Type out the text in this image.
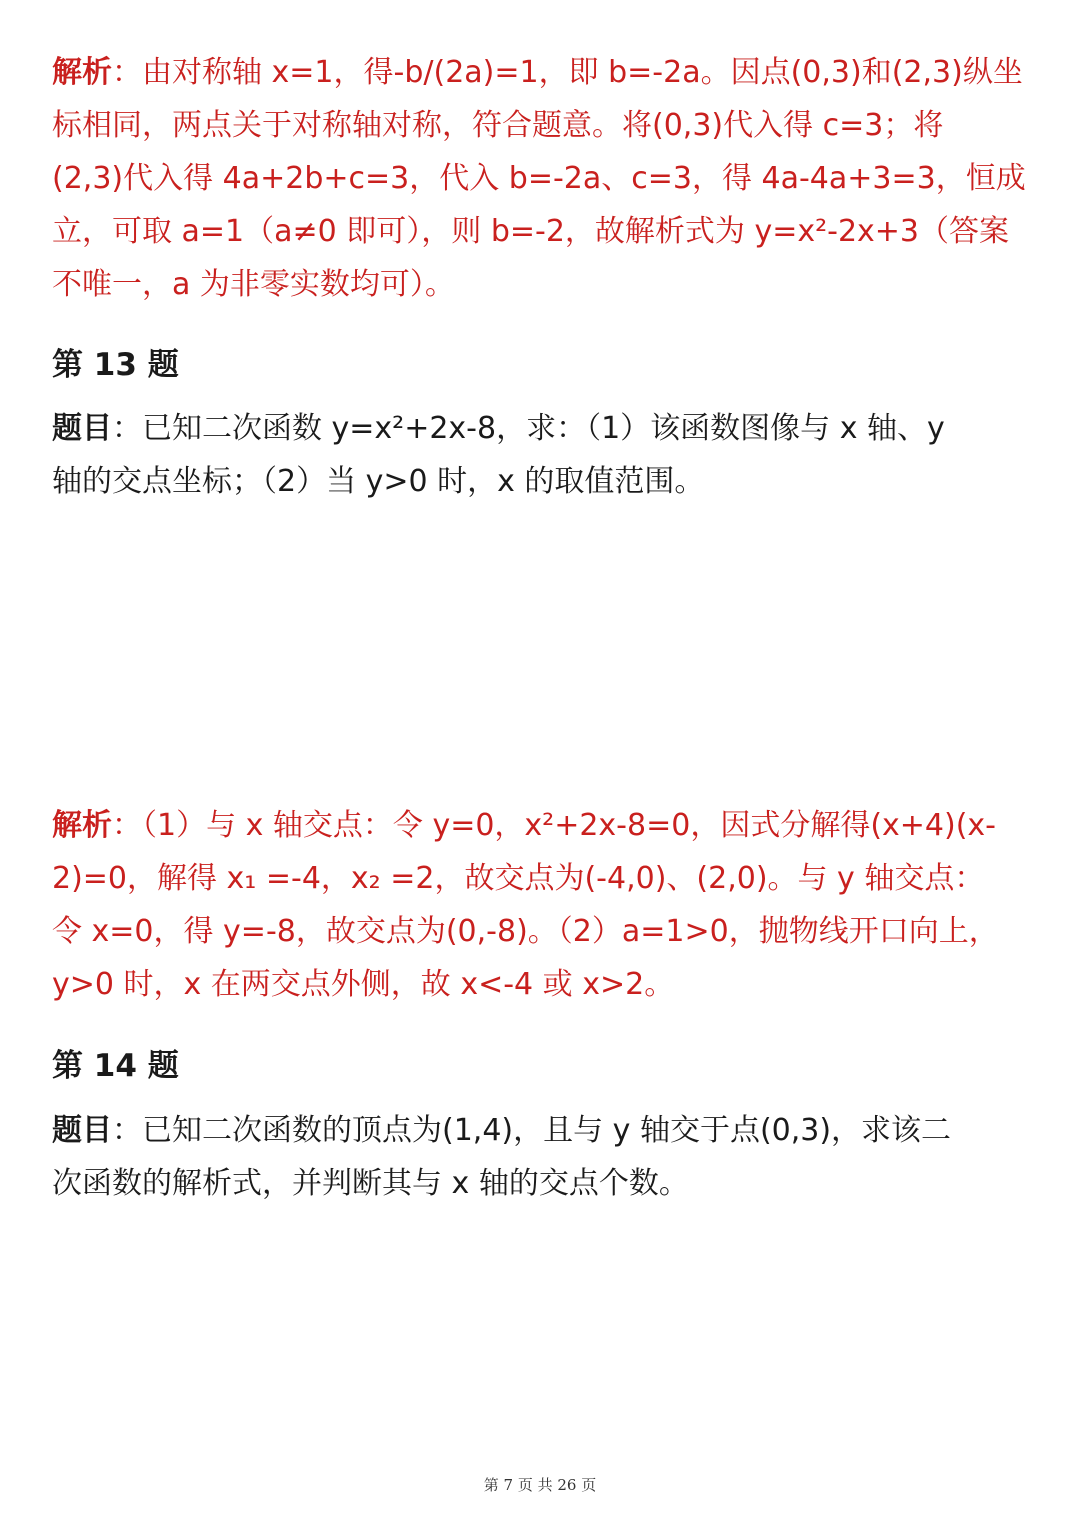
解析：由对称轴 x=1，得-b/(2a)=1，即 b=-2a。因点(0,3)和(2,3)纵坐
标相同，两点关于对称轴对称，符合题意。将(0,3)代入得 c=3；将
(2,3)代入得 4a+2b+c=3，代入 b=-2a、c=3，得 4a-4a+3=3，恒成
立，可取 a=1（a≠0 即可），则 b=-2，故解析式为 y=x²-2x+3（答案
不唯一，a 为非零实数均可）。
第 13 题
题目：已知二次函数 y=x²+2x-8，求：（1）该函数图像与 x 轴、y
轴的交点坐标；（2）当 y>0 时，x 的取值范围。
解析：（1）与 x 轴交点：令 y=0，x²+2x-8=0，因式分解得(x+4)(x-
2)=0，解得 x₁ =-4，x₂ =2，故交点为(-4,0)、(2,0)。与 y 轴交点：
令 x=0，得 y=-8，故交点为(0,-8)。（2）a=1>0，抛物线开口向上，
y>0 时，x 在两交点外侧，故 x<-4 或 x>2。
第 14 题
题目：已知二次函数的顶点为(1,4)，且与 y 轴交于点(0,3)，求该二
次函数的解析式，并判断其与 x 轴的交点个数。
第 7 页 共 26 页
